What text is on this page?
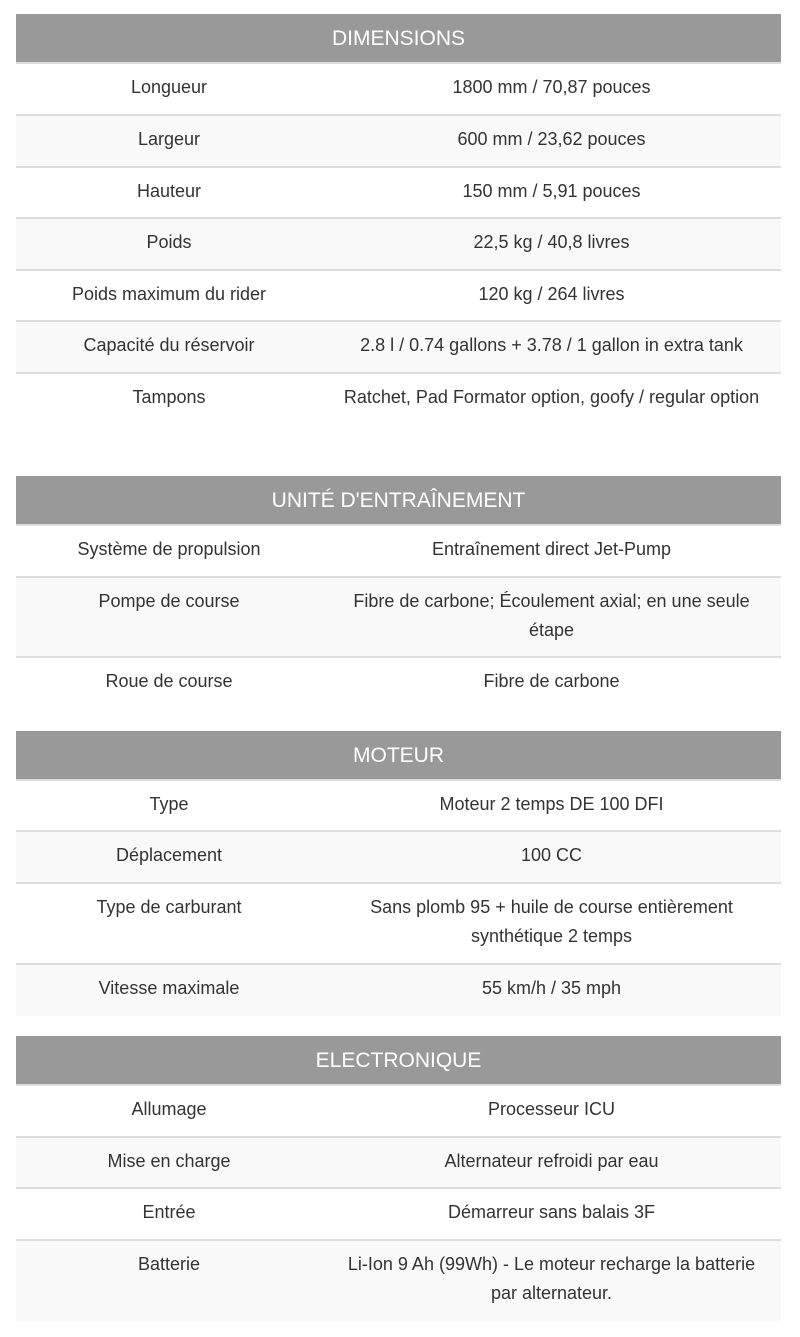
DIMENSIONS
Longueur	1800 mm / 70,87 pouces
Largeur	600 mm / 23,62 pouces
Hauteur	150 mm / 5,91 pouces
Poids	22,5 kg / 40,8 livres
Poids maximum du rider	120 kg / 264 livres
Capacité du réservoir	2.8 l / 0.74 gallons + 3.78 / 1 gallon in extra tank
Tampons	Ratchet, Pad Formator option, goofy / regular option
UNITÉ D'ENTRAÎNEMENT
Système de propulsion	Entraînement direct Jet-Pump
Pompe de course	Fibre de carbone; Écoulement axial; en une seule étape
Roue de course	Fibre de carbone
MOTEUR
Type	Moteur 2 temps DE 100 DFI
Déplacement	100 CC
Type de carburant	Sans plomb 95 + huile de course entièrement synthétique 2 temps
Vitesse maximale	55 km/h / 35 mph
ELECTRONIQUE
Allumage	Processeur ICU
Mise en charge	Alternateur refroidi par eau
Entrée	Démarreur sans balais 3F
Batterie	Li-Ion 9 Ah (99Wh) - Le moteur recharge la batterie par alternateur.
